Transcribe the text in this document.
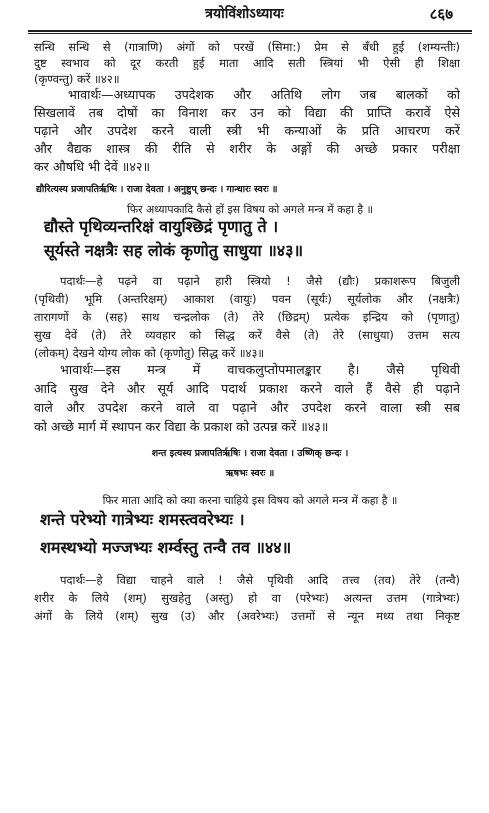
त्रयोविंशोऽध्यायः	८६७
सन्धि सन्धि से (गात्राणि) अंगों को परखें (सिमा:) प्रेम से बँधी हुई (शम्यन्तीः)
दुष्ट स्वभाव को दूर करती हुई माता आदि सती स्त्रियां भी ऐसी ही शिक्षा
(कृण्वन्तु) करें ॥४२॥
भावार्थः—अध्यापक उपदेशक और अतिथि लोग जब बालकों को
सिखलावें तब दोषों का विनाश कर उन को विद्या की प्राप्ति करावें ऐसे
पढ़ाने और उपदेश करने वाली स्त्री भी कन्याओं के प्रति आचरण करें
और वैद्यक शास्त्र की रीति से शरीर के अङ्गों की अच्छे प्रकार परीक्षा
कर औषधि भी देवें ॥४२॥
द्यौरित्यस्य प्रजापतिर्ऋषिः । राजा देवता । अनुष्टुप् छन्दः । गान्धारः स्वरः ॥
फिर अध्यापकादि कैसे हों इस विषय को अगले मन्त्र में कहा है ॥
द्यौस्ते पृथिव्यन्तरिक्षं वायुश्छिद्रं पृणातु ते ।
सूर्यस्ते नक्षत्रैः सह लोकं कृणोतु साधुया ॥४३॥
पदार्थः—हे पढ़ने वा पढ़ाने हारी स्त्रियो ! जैसे (द्यौः) प्रकाशरूप बिजुली
(पृथिवी) भूमि (अन्तरिक्षम्) आकाश (वायुः) पवन (सूर्यः) सूर्यलोक और (नक्षत्रैः)
तारागणों के (सह) साथ चन्द्रलोक (ते) तेरे (छिद्रम्) प्रत्येक इन्द्रिय को (पृणातु)
सुख देवें (ते) तेरे व्यवहार को सिद्ध करें वैसे (ते) तेरे (साधुया) उत्तम सत्य
(लोकम्) देखने योग्य लोक को (कृणोतु) सिद्ध करें ॥४३॥
भावार्थः—इस मन्त्र में वाचकलुप्तोपमालङ्कार है। जैसे पृथिवी
आदि सुख देने और सूर्य आदि पदार्थ प्रकाश करने वाले हैं वैसे ही पढ़ाने
वाले और उपदेश करने वाले वा पढ़ाने और उपदेश करने वाला स्त्री सब
को अच्छे मार्ग में स्थापन कर विद्या के प्रकाश को उत्पन्न करें ॥४३॥
शन्त इत्यस्य प्रजापतिर्ऋषिः । राजा देवता । उष्णिक् छन्दः ।
ऋषभः स्वरः ॥
फिर माता आदि को क्या करना चाहिये इस विषय को अगले मन्त्र में कहा है ॥
शन्ते परेभ्यो गात्रेभ्यः शमस्त्ववरेभ्यः ।
शमस्थभ्यो मज्जभ्यः शर्म्वस्तु तन्वै तव ॥४४॥
पदार्थः—हे विद्या चाहने वाले ! जैसे पृथिवी आदि तत्त्व (तव) तेरे (तन्वै)
शरीर के लिये (शम्) सुखहेतु (अस्तु) हो वा (परेभ्यः) अत्यन्त उत्तम (गात्रेभ्यः)
अंगों के लिये (शम्) सुख (उ) और (अवरेभ्यः) उत्तमों से न्यून मध्य तथा निकृष्ट
